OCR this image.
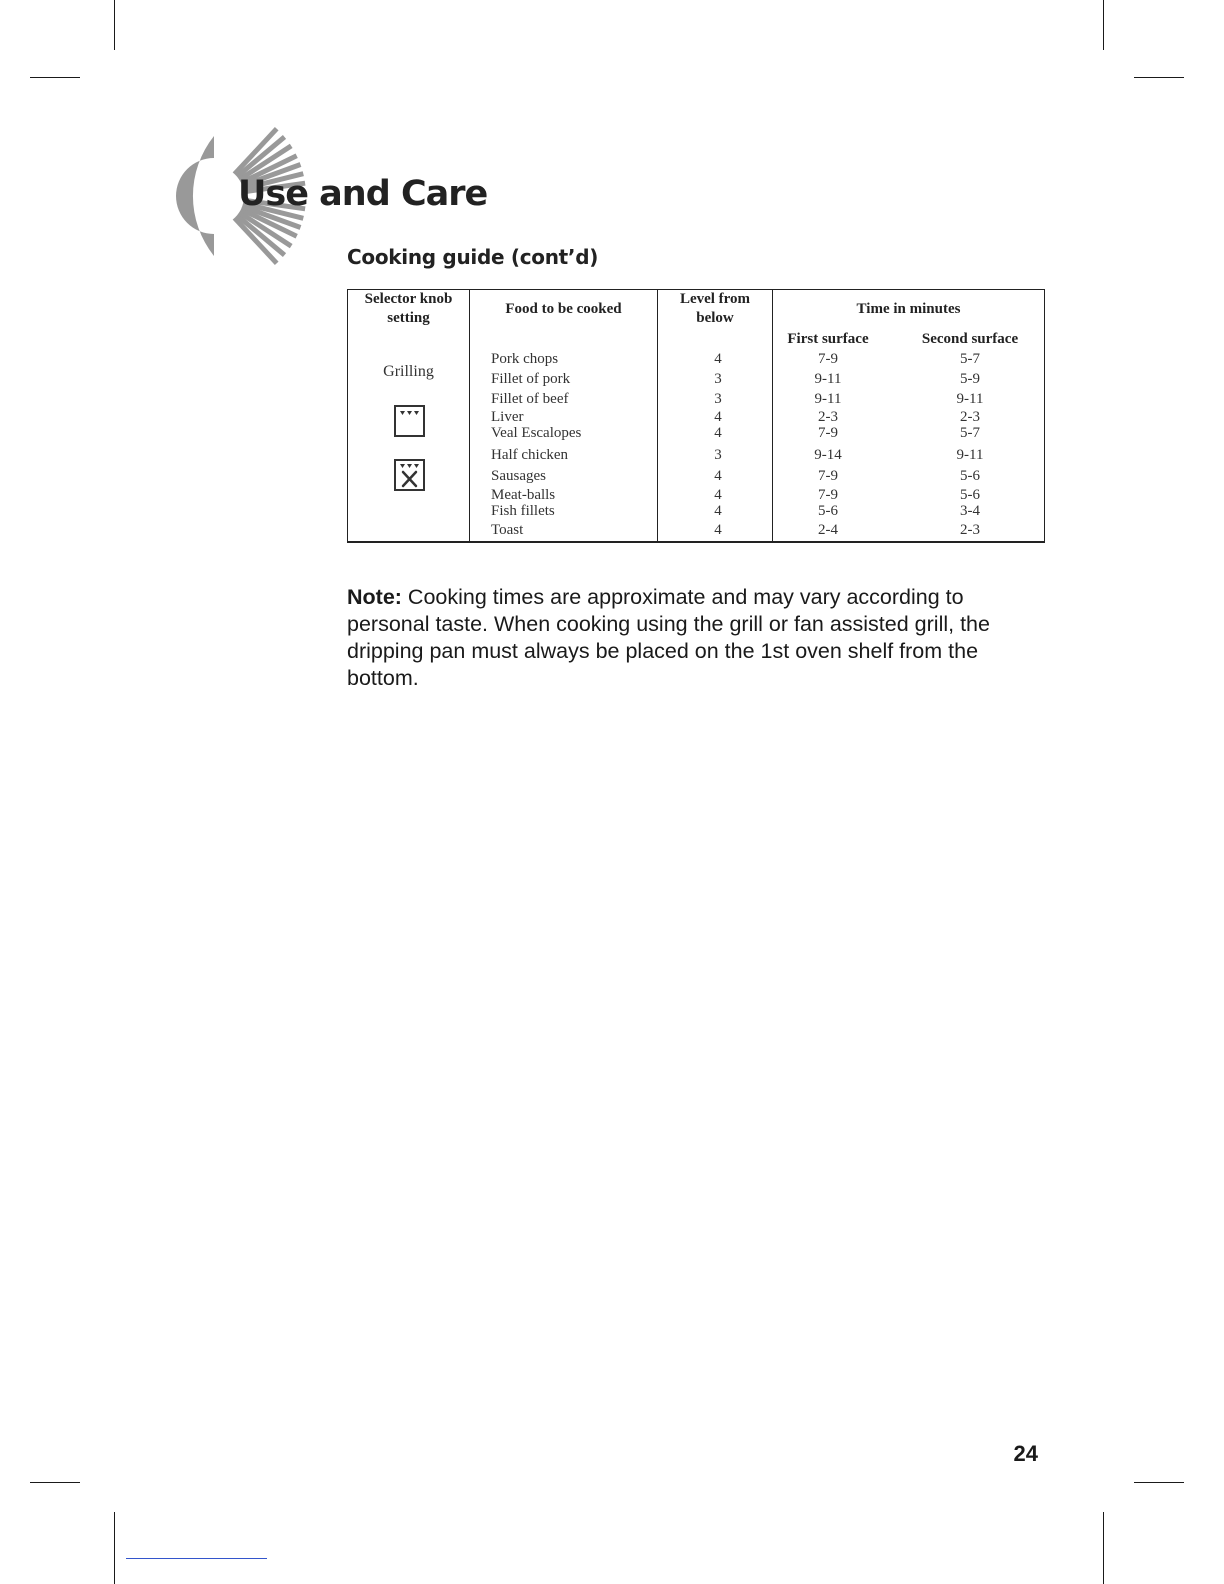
Use and Care
Cooking guide (cont’d)
Selector knob setting
Food to be cooked
Level from below
Time in minutes
First surface	Second surface
Grilling
Pork chops	4	7-9	5-7
Fillet of pork	3	9-11	5-9
Fillet of beef	3	9-11	9-11
Liver	4	2-3	2-3
Veal Escalopes	4	7-9	5-7
Half chicken	3	9-14	9-11
Sausages	4	7-9	5-6
Meat-balls	4	7-9	5-6
Fish fillets	4	5-6	3-4
Toast	4	2-4	2-3
Note: Cooking times are approximate and may vary according to personal taste. When cooking using the grill or fan assisted grill, the dripping pan must always be placed on the 1st oven shelf from the bottom.
24
